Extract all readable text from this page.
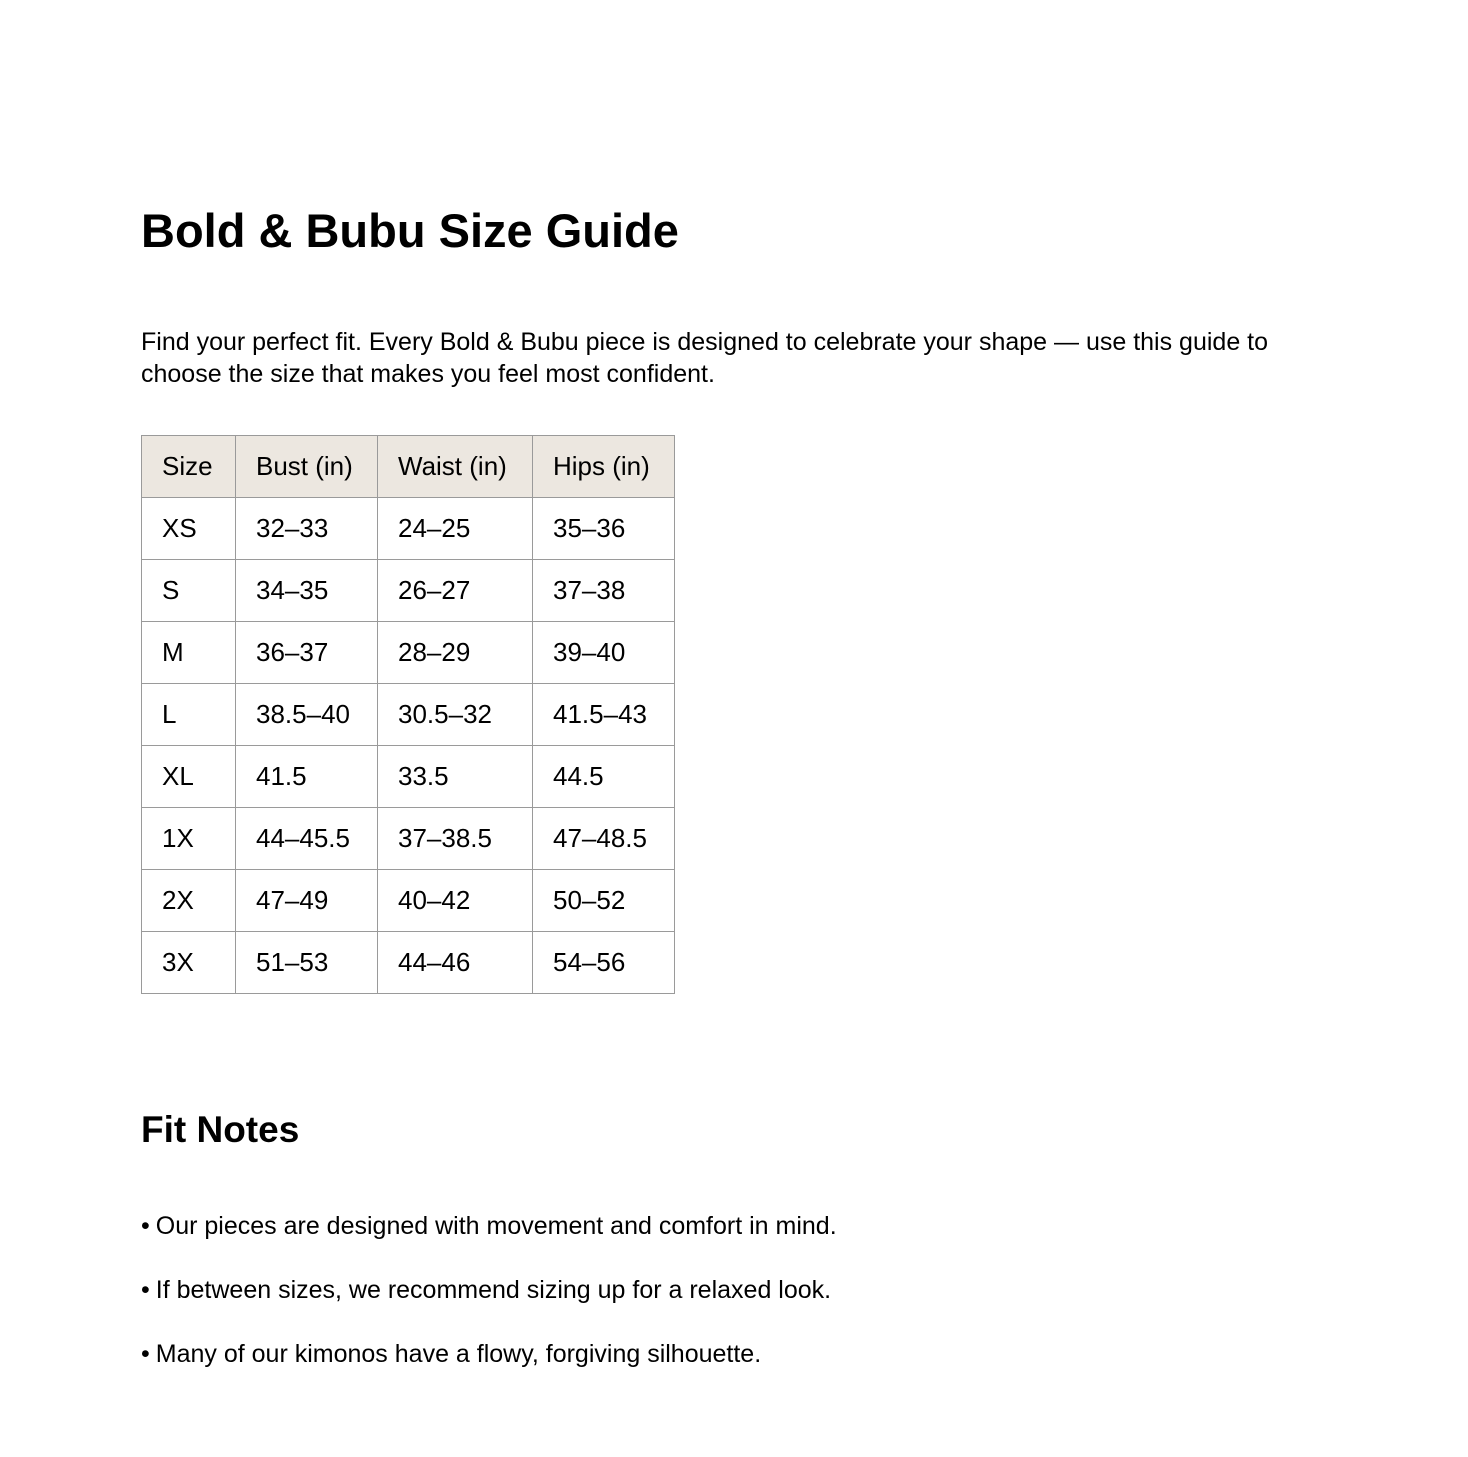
Bold & Bubu Size Guide

Find your perfect fit. Every Bold & Bubu piece is designed to celebrate your shape — use this guide to choose the size that makes you feel most confident.

Size	Bust (in)	Waist (in)	Hips (in)
XS	32–33	24–25	35–36
S	34–35	26–27	37–38
M	36–37	28–29	39–40
L	38.5–40	30.5–32	41.5–43
XL	41.5	33.5	44.5
1X	44–45.5	37–38.5	47–48.5
2X	47–49	40–42	50–52
3X	51–53	44–46	54–56
Fit Notes
• Our pieces are designed with movement and comfort in mind.
• If between sizes, we recommend sizing up for a relaxed look.
• Many of our kimonos have a flowy, forgiving silhouette.
